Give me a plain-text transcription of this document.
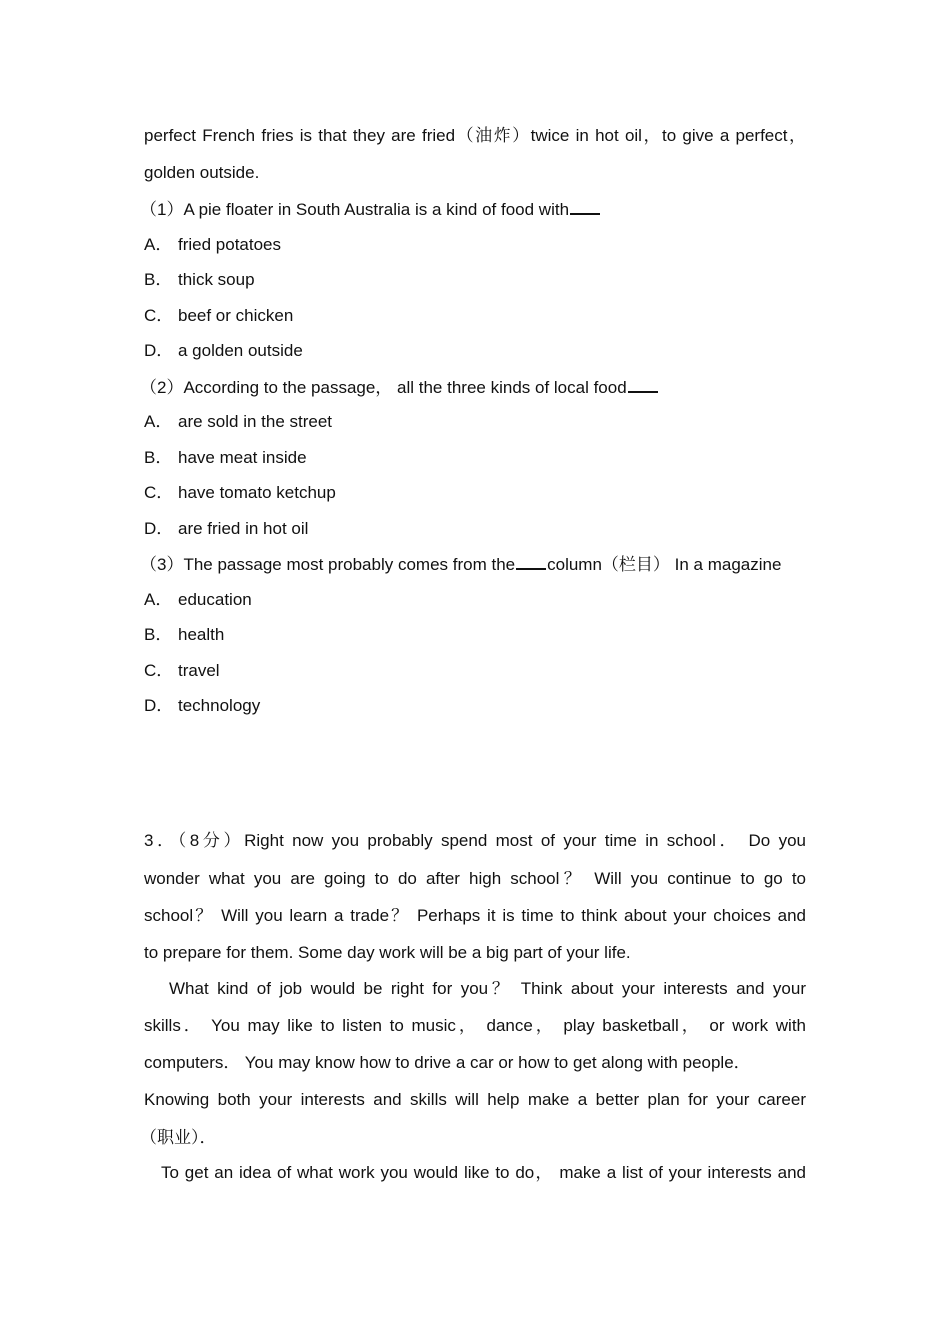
perfect French fries is that they are fried（油炸）twice in hot oil，to give a perfect，
golden outside.
（1）A pie floater in South Australia is a kind of food with
A． fried potatoes
B． thick soup
C． beef or chicken
D． a golden outside
（2）According to the passage， all the three kinds of local food
A． are sold in the street
B． have meat inside
C． have tomato ketchup
D． are fried in hot oil
（3）The passage most probably comes from the column（栏目） In a magazine
A． education
B． health
C． travel
D． technology
3．（8分）Right now you probably spend most of your time in school． Do you
wonder what you are going to do after high school？ Will you continue to go to
school？ Will you learn a trade？ Perhaps it is time to think about your choices and
to prepare for them. Some day work will be a big part of your life.
What kind of job would be right for you？ Think about your interests and your
skills． You may like to listen to music， dance， play basketball， or work with
computers． You may know how to drive a car or how to get along with people．
Knowing both your interests and skills will help make a better plan for your career
（职业）．
To get an idea of what work you would like to do， make a list of your interests and
